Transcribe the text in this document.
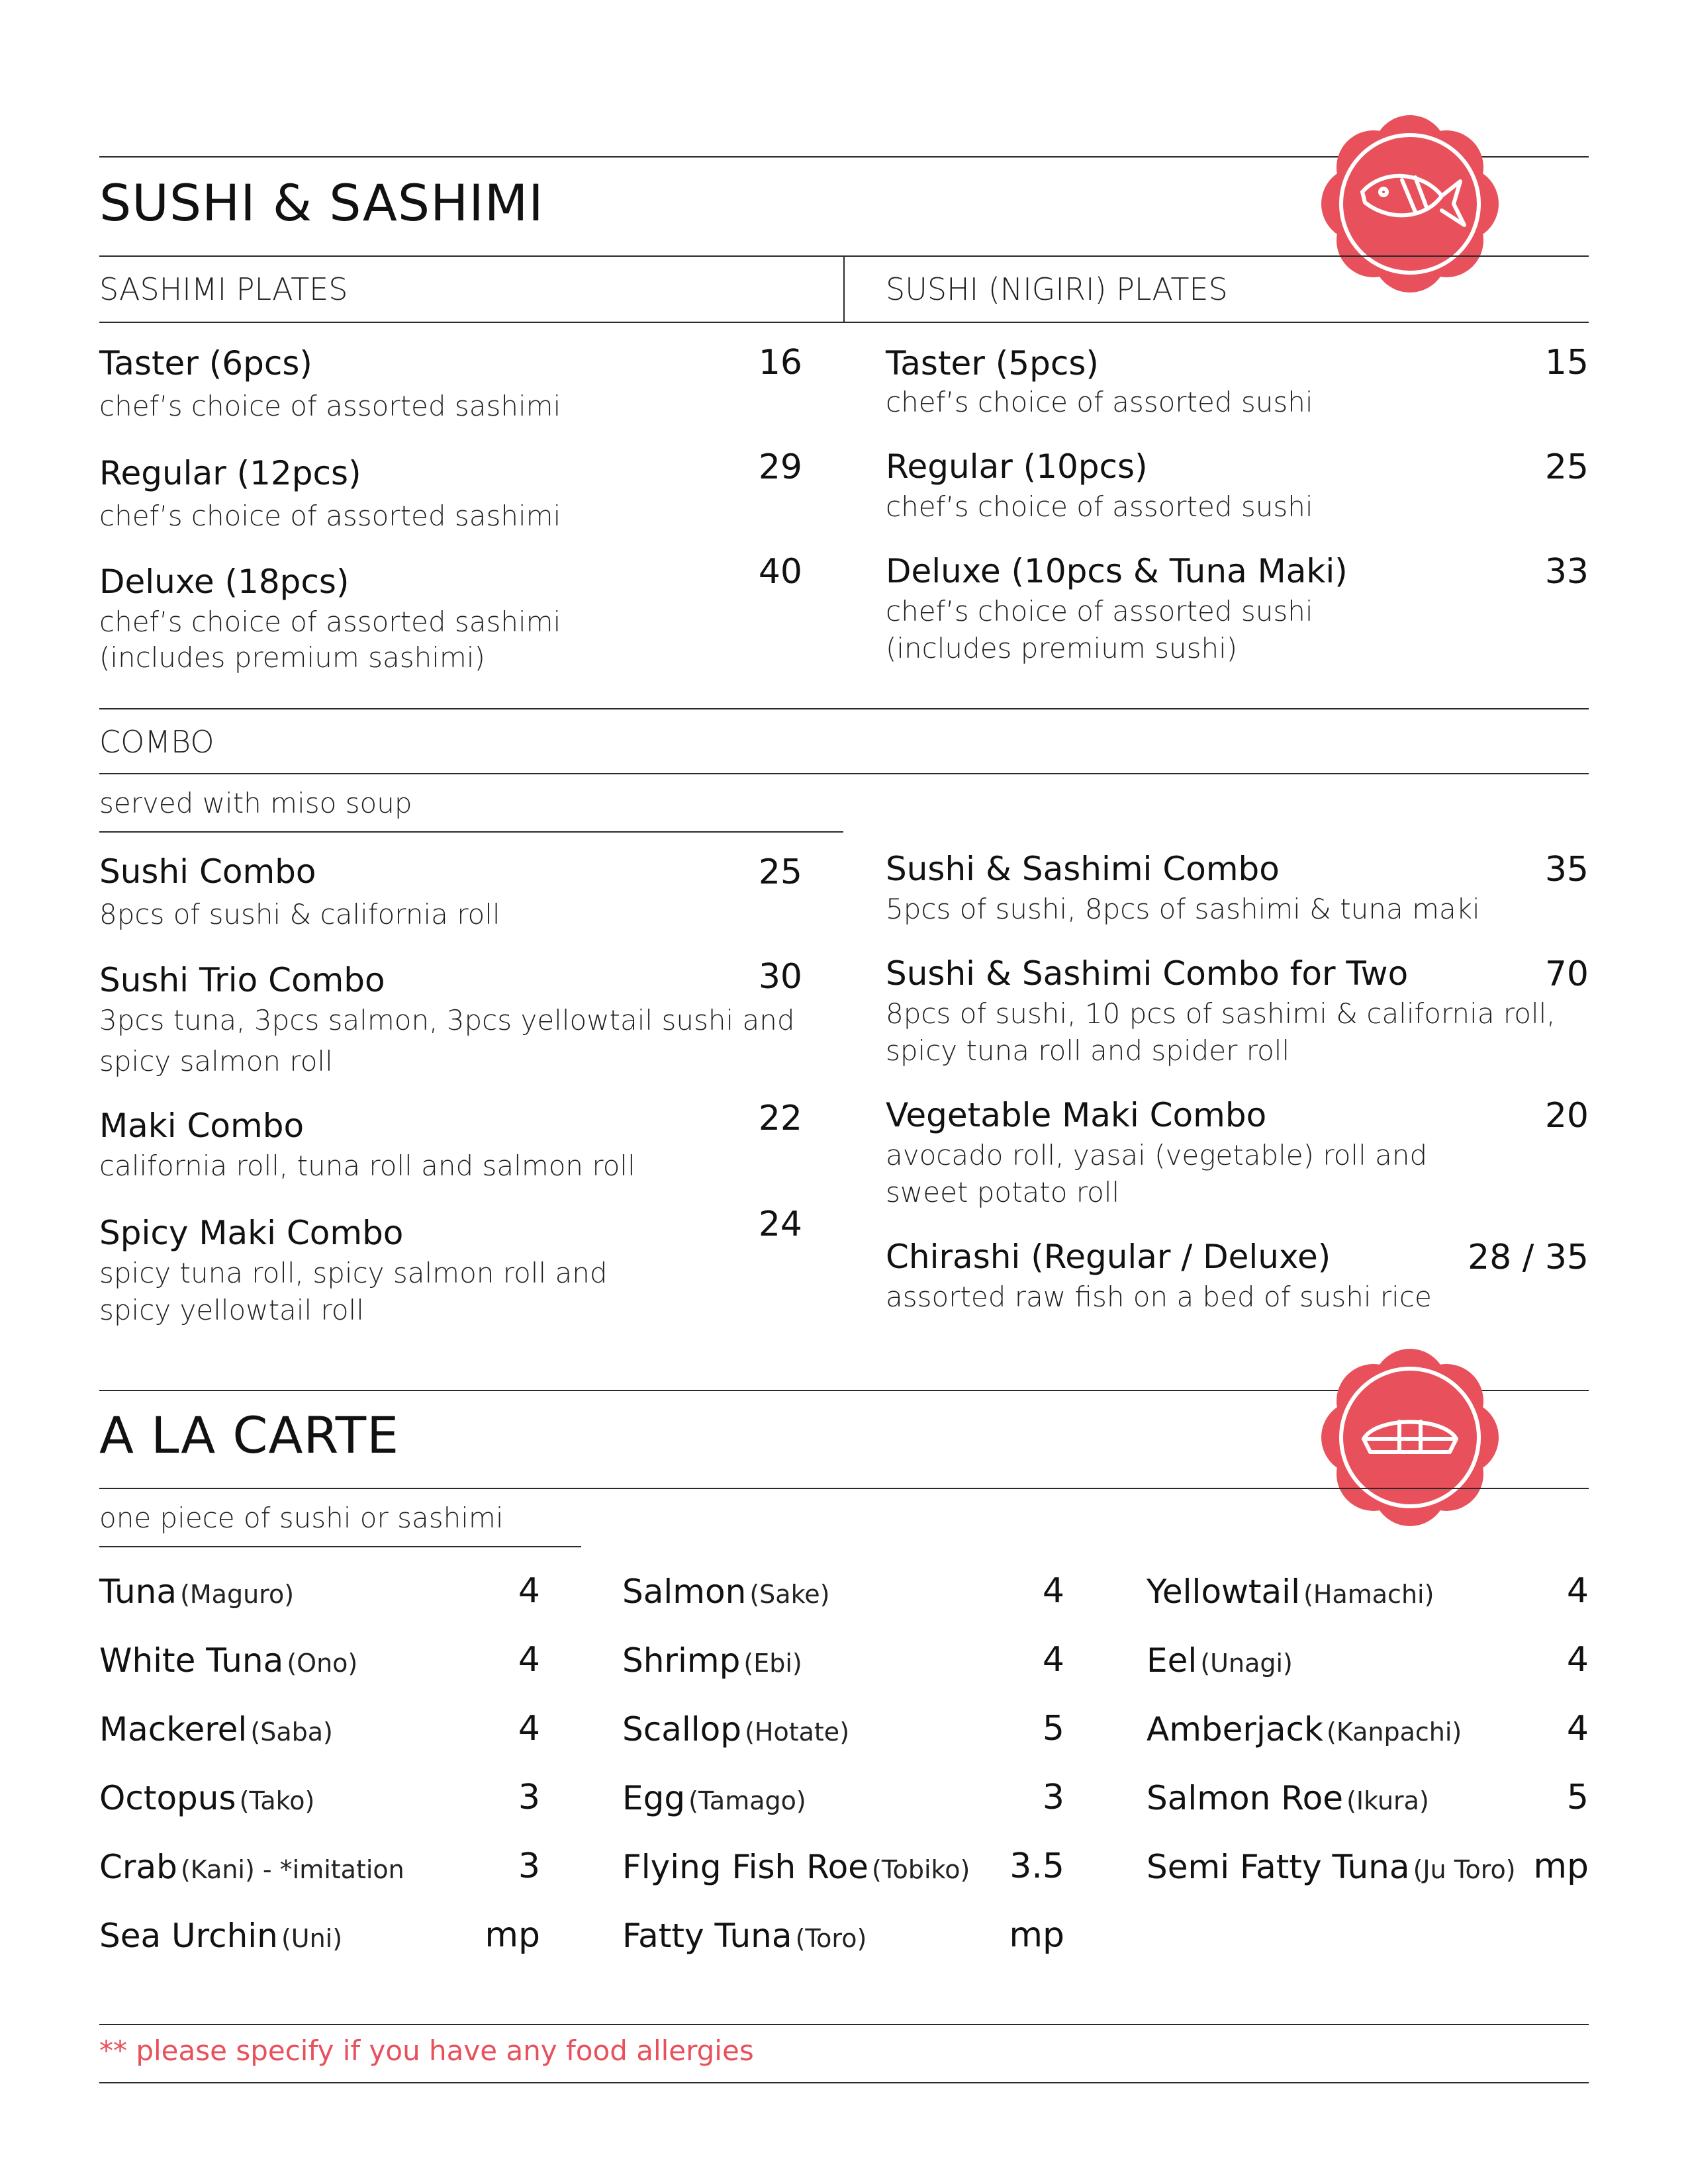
SUSHI & SASHIMI
SASHIMI PLATES	SUSHI (NIGIRI) PLATES
Taster (6pcs)	16
chef’s choice of assorted sashimi
Regular (12pcs)	29
chef’s choice of assorted sashimi
Deluxe (18pcs)	40
chef’s choice of assorted sashimi
(includes premium sashimi)
Taster (5pcs)	15
chef’s choice of assorted sushi
Regular (10pcs)	25
chef’s choice of assorted sushi
Deluxe (10pcs & Tuna Maki)	33
chef’s choice of assorted sushi
(includes premium sushi)
COMBO
served with miso soup
Sushi Combo	25
8pcs of sushi & california roll
Sushi Trio Combo	30
3pcs tuna, 3pcs salmon, 3pcs yellowtail sushi and
spicy salmon roll
Maki Combo	22
california roll, tuna roll and salmon roll
Spicy Maki Combo	24
spicy tuna roll, spicy salmon roll and
spicy yellowtail roll
Sushi & Sashimi Combo	35
5pcs of sushi, 8pcs of sashimi & tuna maki
Sushi & Sashimi Combo for Two	70
8pcs of sushi, 10 pcs of sashimi & california roll,
spicy tuna roll and spider roll
Vegetable Maki Combo	20
avocado roll, yasai (vegetable) roll and
sweet potato roll
Chirashi (Regular / Deluxe)	28 / 35
assorted raw fish on a bed of sushi rice
A LA CARTE
one piece of sushi or sashimi
Tuna (Maguro)	4
White Tuna (Ono)	4
Mackerel (Saba)	4
Octopus (Tako)	3
Crab (Kani) - *imitation	3
Sea Urchin (Uni)	mp
Salmon (Sake)	4
Shrimp (Ebi)	4
Scallop (Hotate)	5
Egg (Tamago)	3
Flying Fish Roe (Tobiko)	3.5
Fatty Tuna (Toro)	mp
Yellowtail (Hamachi)	4
Eel (Unagi)	4
Amberjack (Kanpachi)	4
Salmon Roe (Ikura)	5
Semi Fatty Tuna (Ju Toro) mp
** please specify if you have any food allergies
